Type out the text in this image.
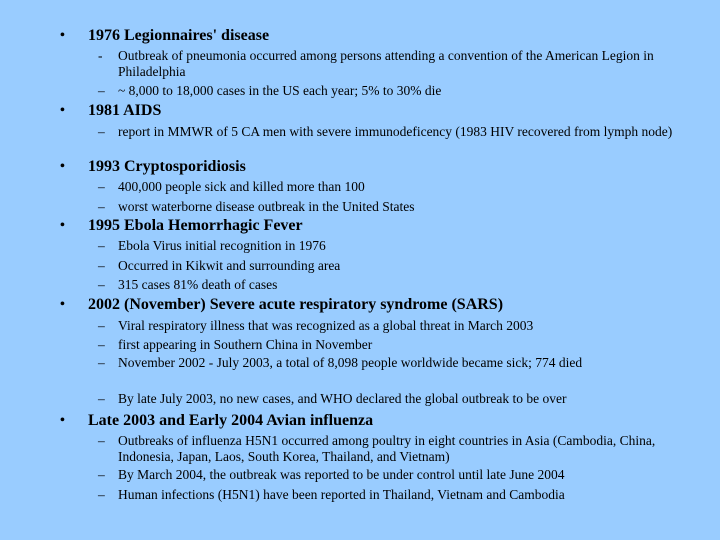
• 1976 Legionnaires' disease
- Outbreak of pneumonia occurred among persons attending a convention of the American Legion in Philadelphia
– ~ 8,000 to 18,000 cases in the US each year; 5% to 30% die
• 1981 AIDS
– report in MMWR of 5 CA men with severe immunodeficency (1983 HIV recovered from lymph node)
• 1993 Cryptosporidiosis
– 400,000 people sick and killed more than 100
– worst waterborne disease outbreak in the United States
• 1995 Ebola Hemorrhagic Fever
– Ebola Virus initial recognition in 1976
– Occurred in Kikwit and surrounding area
– 315 cases 81% death of cases
• 2002 (November) Severe acute respiratory syndrome (SARS)
– Viral respiratory illness that was recognized as a global threat in March 2003
– first appearing in Southern China in November
– November 2002 - July 2003, a total of 8,098 people worldwide became sick; 774 died
– By late July 2003, no new cases, and WHO declared the global outbreak to be over
• Late 2003 and Early 2004 Avian influenza
– Outbreaks of influenza H5N1 occurred among poultry in eight countries in Asia (Cambodia, China, Indonesia, Japan, Laos, South Korea, Thailand, and Vietnam)
– By March 2004, the outbreak was reported to be under control until late June 2004
– Human infections (H5N1) have been reported in Thailand, Vietnam and Cambodia
